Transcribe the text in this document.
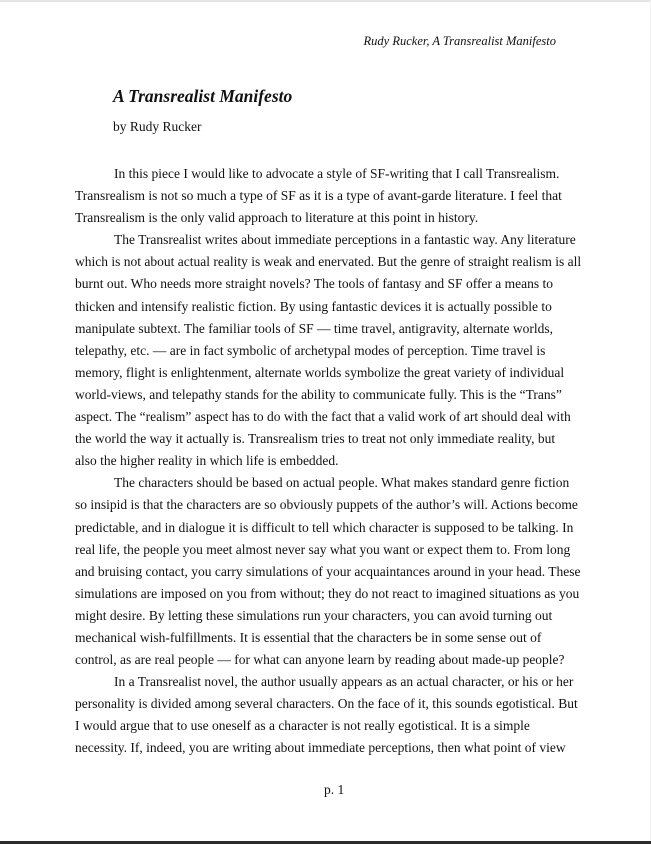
Rudy Rucker, A Transrealist Manifesto
A Transrealist Manifesto
by Rudy Rucker
In this piece I would like to advocate a style of SF-writing that I call Transrealism.
Transrealism is not so much a type of SF as it is a type of avant-garde literature. I feel that
Transrealism is the only valid approach to literature at this point in history.
The Transrealist writes about immediate perceptions in a fantastic way. Any literature
which is not about actual reality is weak and enervated. But the genre of straight realism is all
burnt out. Who needs more straight novels? The tools of fantasy and SF offer a means to
thicken and intensify realistic fiction. By using fantastic devices it is actually possible to
manipulate subtext. The familiar tools of SF — time travel, antigravity, alternate worlds,
telepathy, etc. — are in fact symbolic of archetypal modes of perception. Time travel is
memory, flight is enlightenment, alternate worlds symbolize the great variety of individual
world-views, and telepathy stands for the ability to communicate fully. This is the “Trans”
aspect. The “realism” aspect has to do with the fact that a valid work of art should deal with
the world the way it actually is. Transrealism tries to treat not only immediate reality, but
also the higher reality in which life is embedded.
The characters should be based on actual people. What makes standard genre fiction
so insipid is that the characters are so obviously puppets of the author’s will. Actions become
predictable, and in dialogue it is difficult to tell which character is supposed to be talking. In
real life, the people you meet almost never say what you want or expect them to. From long
and bruising contact, you carry simulations of your acquaintances around in your head. These
simulations are imposed on you from without; they do not react to imagined situations as you
might desire. By letting these simulations run your characters, you can avoid turning out
mechanical wish-fulfillments. It is essential that the characters be in some sense out of
control, as are real people — for what can anyone learn by reading about made-up people?
In a Transrealist novel, the author usually appears as an actual character, or his or her
personality is divided among several characters. On the face of it, this sounds egotistical. But
I would argue that to use oneself as a character is not really egotistical. It is a simple
necessity. If, indeed, you are writing about immediate perceptions, then what point of view
p. 1
